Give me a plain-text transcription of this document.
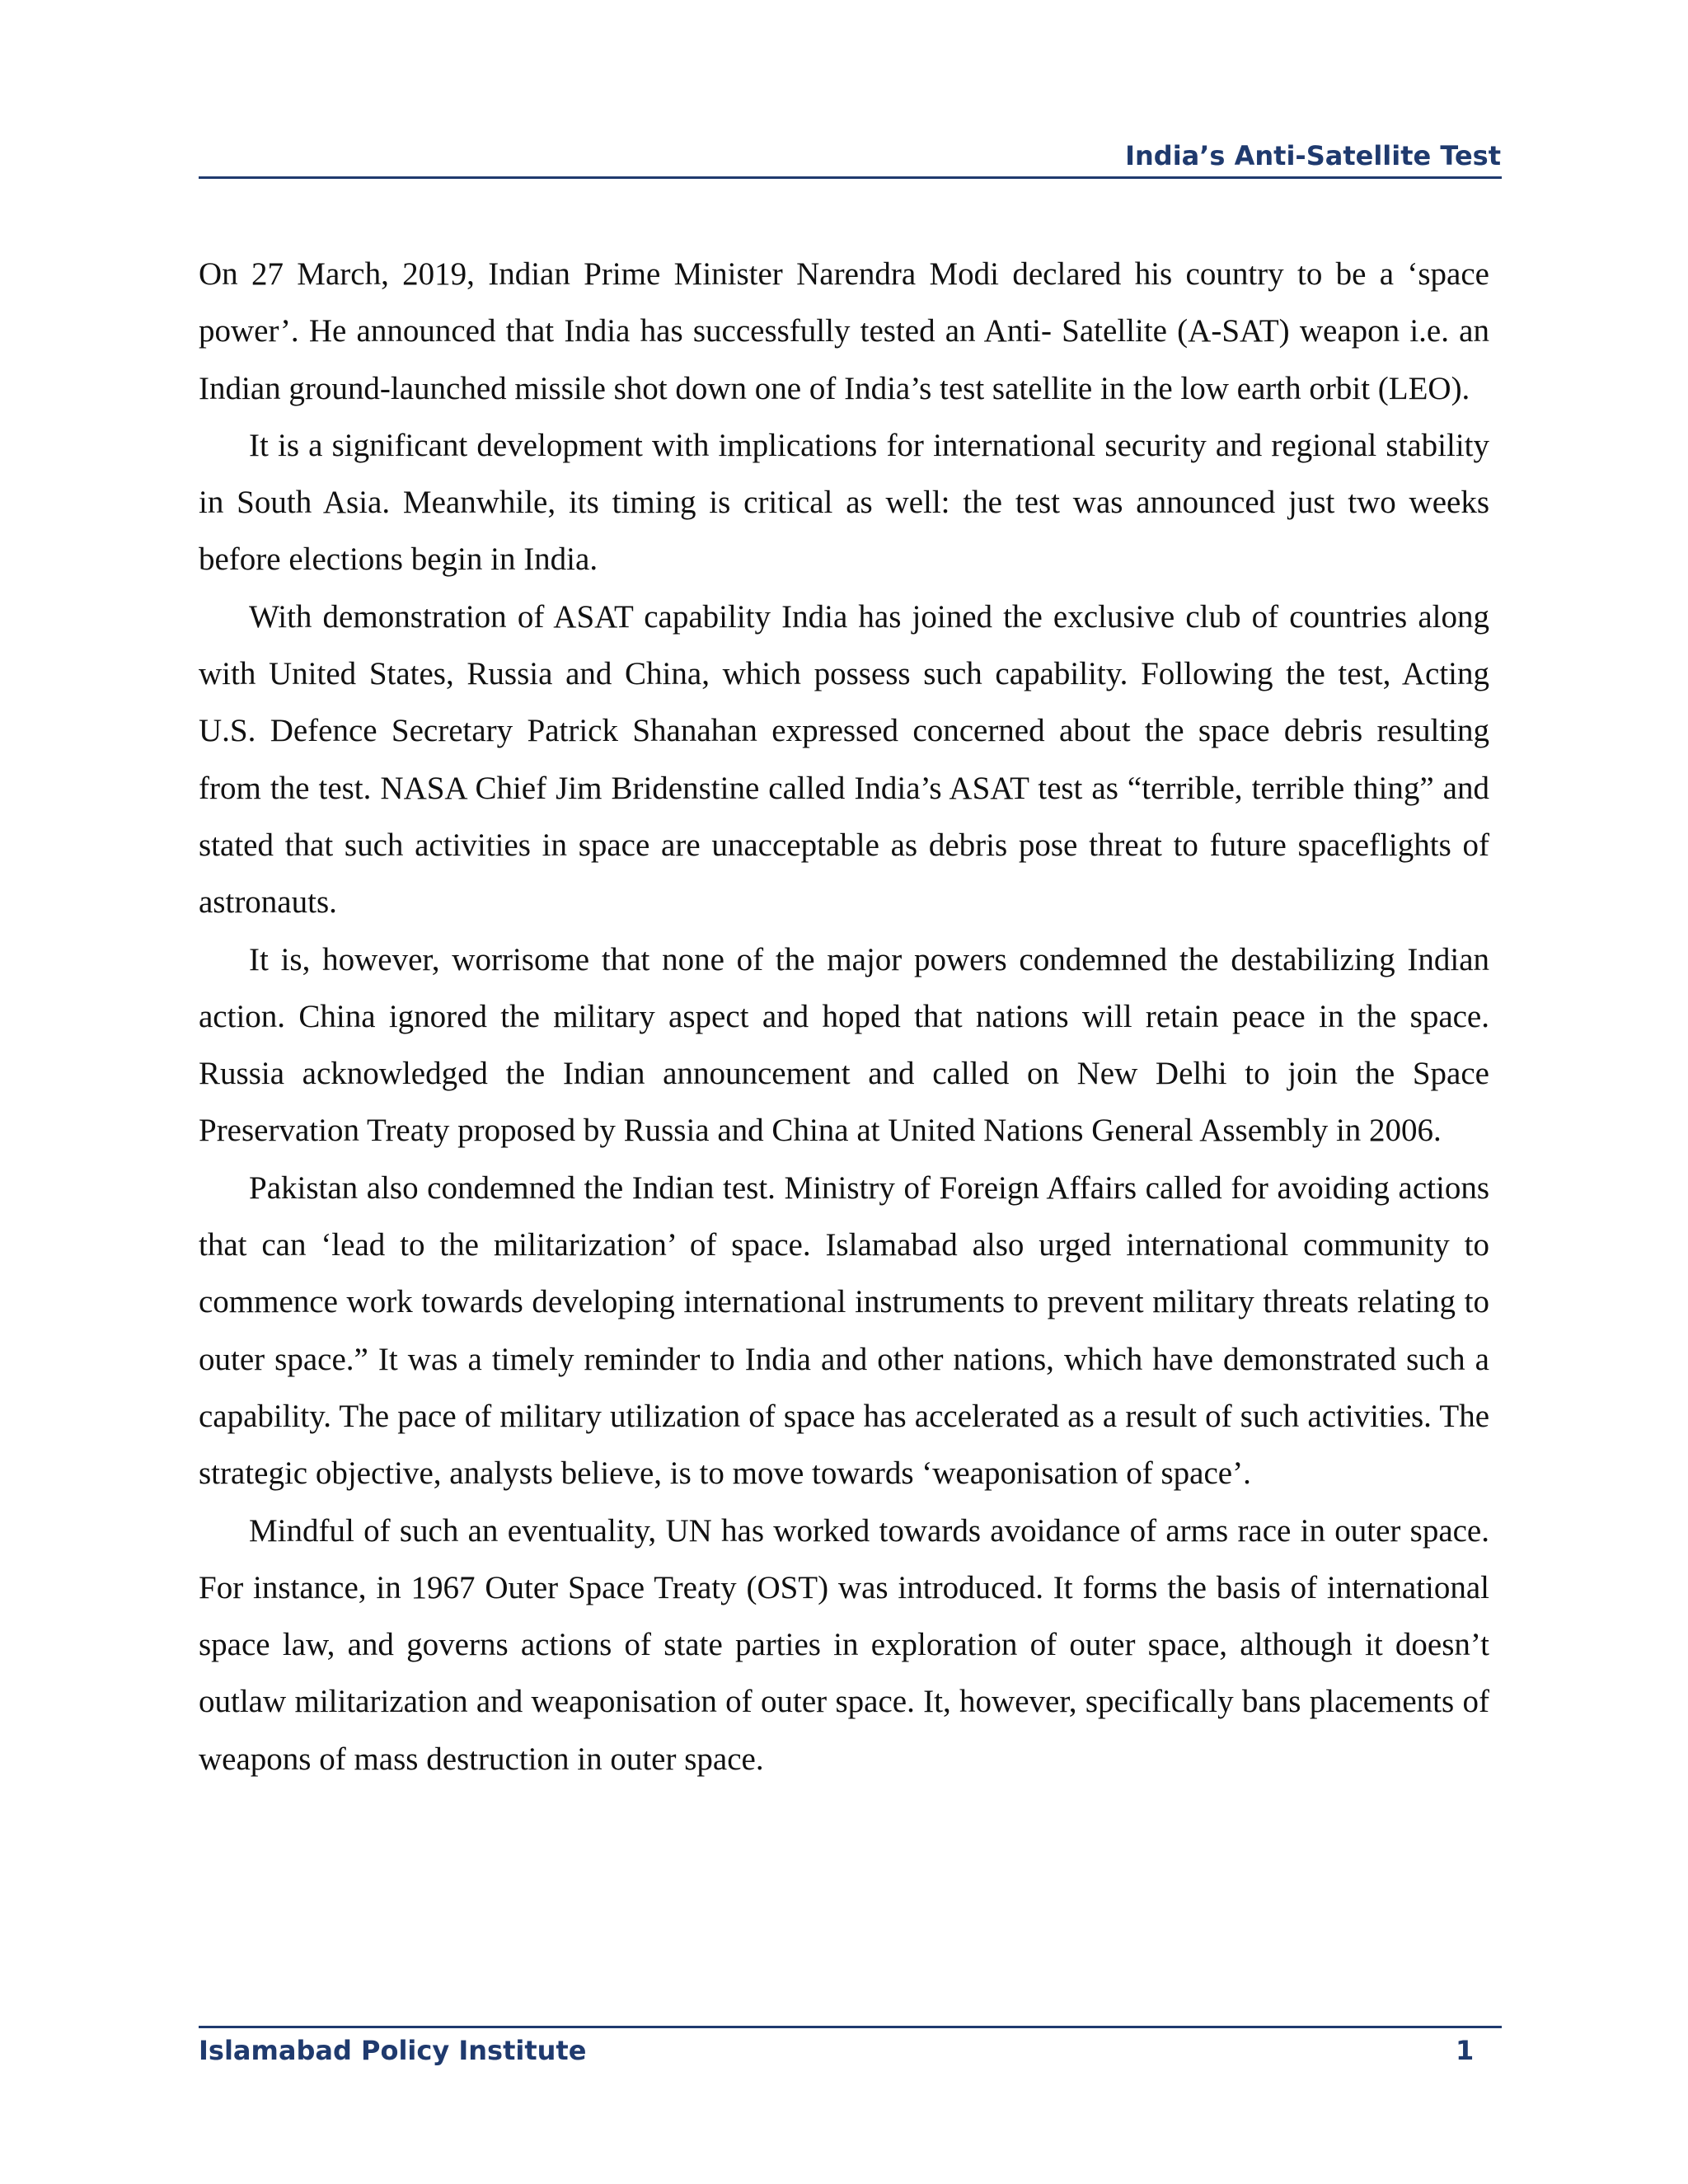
India’s Anti-Satellite Test

On 27 March, 2019, Indian Prime Minister Narendra Modi declared his country to be a ‘space power’. He announced that India has successfully tested an Anti- Satellite (A-SAT) weapon i.e. an Indian ground-launched missile shot down one of India’s test satellite in the low earth orbit (LEO).

It is a significant development with implications for international security and regional stability in South Asia. Meanwhile, its timing is critical as well: the test was announced just two weeks before elections begin in India.

With demonstration of ASAT capability India has joined the exclusive club of countries along with United States, Russia and China, which possess such capability. Following the test, Acting U.S. Defence Secretary Patrick Shanahan expressed concerned about the space debris resulting from the test. NASA Chief Jim Bridenstine called India’s ASAT test as “terrible, terrible thing” and stated that such activities in space are unacceptable as debris pose threat to future spaceflights of astronauts.

It is, however, worrisome that none of the major powers condemned the destabilizing Indian action. China ignored the military aspect and hoped that nations will retain peace in the space. Russia acknowledged the Indian announcement and called on New Delhi to join the Space Preservation Treaty proposed by Russia and China at United Nations General Assembly in 2006.

Pakistan also condemned the Indian test. Ministry of Foreign Affairs called for avoiding actions that can ‘lead to the militarization’ of space. Islamabad also urged international community to commence work towards developing international instruments to prevent military threats relating to outer space.” It was a timely reminder to India and other nations, which have demonstrated such a capability. The pace of military utilization of space has accelerated as a result of such activities. The strategic objective, analysts believe, is to move towards ‘weaponisation of space’.

Mindful of such an eventuality, UN has worked towards avoidance of arms race in outer space. For instance, in 1967 Outer Space Treaty (OST) was introduced. It forms the basis of international space law, and governs actions of state parties in exploration of outer space, although it doesn’t outlaw militarization and weaponisation of outer space. It, however, specifically bans placements of weapons of mass destruction in outer space.

Islamabad Policy Institute	1
